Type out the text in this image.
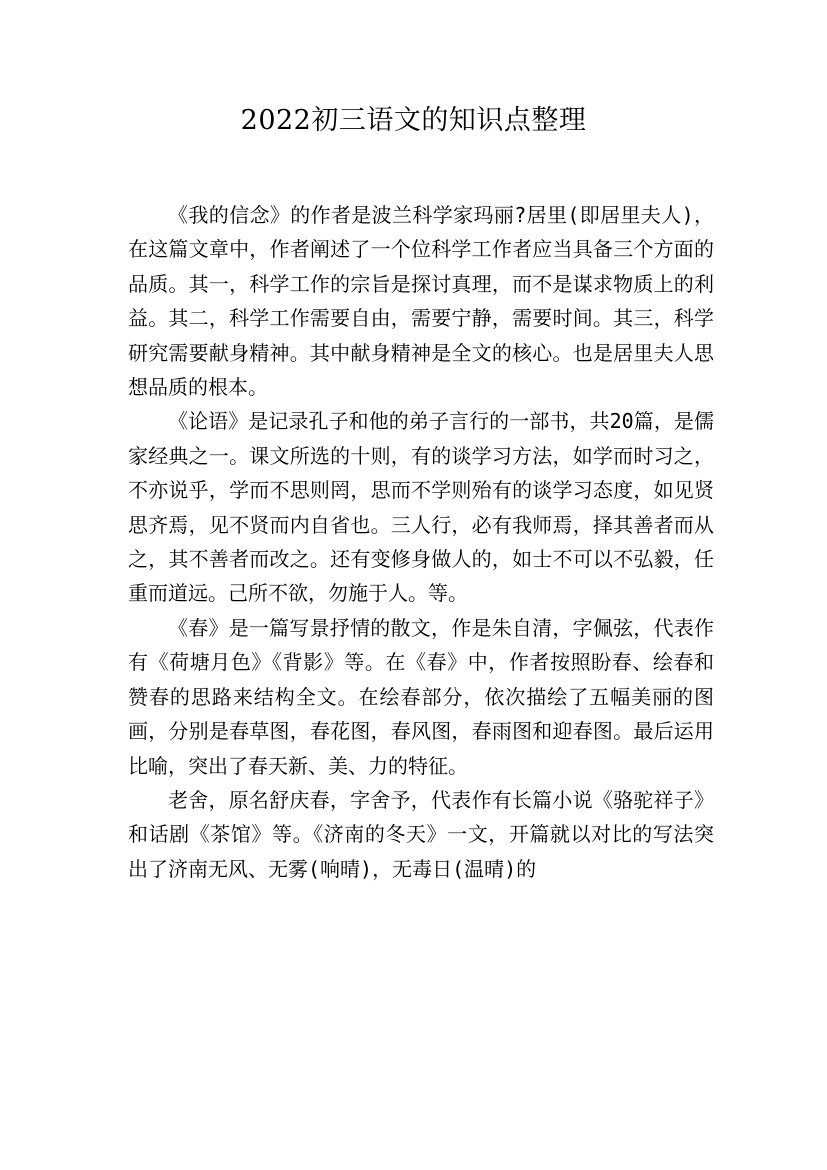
2022初三语文的知识点整理

《我的信念》的作者是波兰科学家玛丽?居里(即居里夫人)，在这篇文章中，作者阐述了一个位科学工作者应当具备三个方面的品质。其一，科学工作的宗旨是探讨真理，而不是谋求物质上的利益。其二，科学工作需要自由，需要宁静，需要时间。其三，科学研究需要献身精神。其中献身精神是全文的核心。也是居里夫人思想品质的根本。

《论语》是记录孔子和他的弟子言行的一部书，共20篇，是儒家经典之一。课文所选的十则，有的谈学习方法，如学而时习之，不亦说乎，学而不思则罔，思而不学则殆有的谈学习态度，如见贤思齐焉，见不贤而内自省也。三人行，必有我师焉，择其善者而从之，其不善者而改之。还有变修身做人的，如士不可以不弘毅，任重而道远。己所不欲，勿施于人。等。

《春》是一篇写景抒情的散文，作是朱自清，字佩弦，代表作有《荷塘月色》《背影》等。在《春》中，作者按照盼春、绘春和赞春的思路来结构全文。在绘春部分，依次描绘了五幅美丽的图画，分别是春草图，春花图，春风图，春雨图和迎春图。最后运用比喻，突出了春天新、美、力的特征。

老舍，原名舒庆春，字舍予，代表作有长篇小说《骆驼祥子》和话剧《茶馆》等。《济南的冬天》一文，开篇就以对比的写法突出了济南无风、无雾(响晴)，无毒日(温晴)的
